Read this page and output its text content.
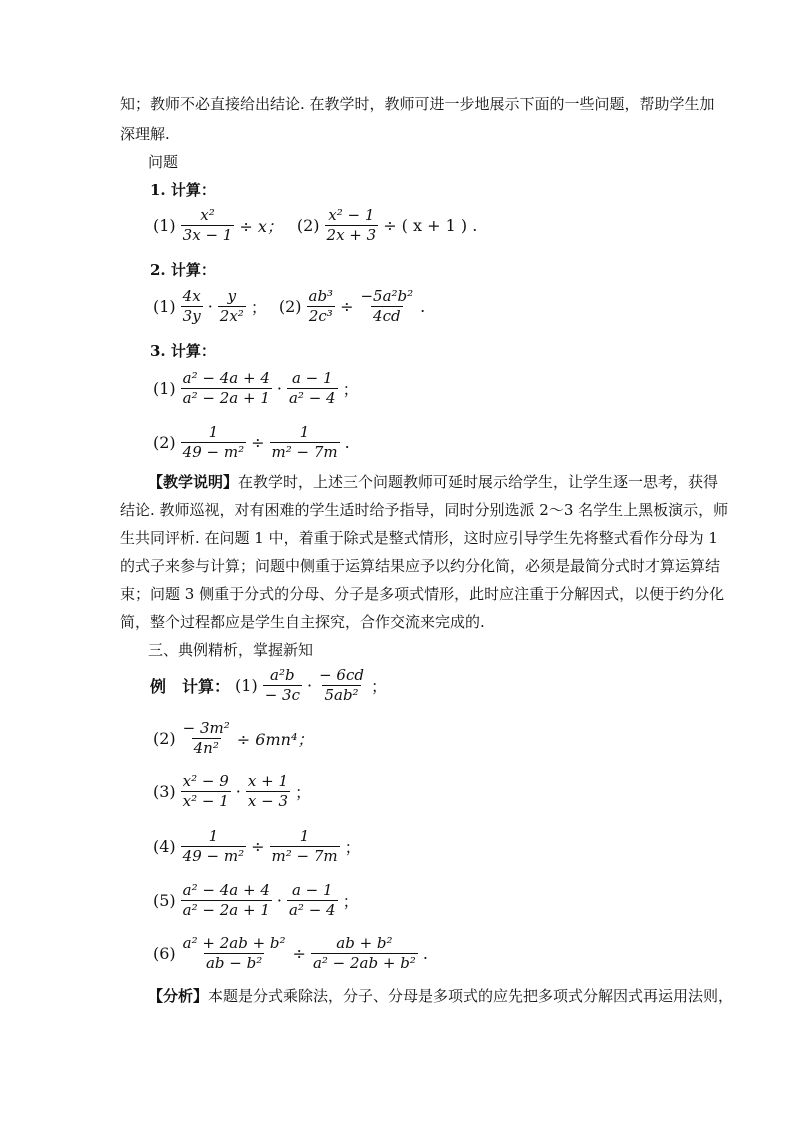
知；教师不必直接给出结论. 在教学时，教师可进一步地展示下面的一些问题，帮助学生加
深理解.
问题
1. 计算：
$(1) \frac{\text{x²}}{3x - 1} \div x$； $(2) \frac{\text{x² − 1}}{2x + 3}$ ÷ ( x + 1 ) .
2. 计算：
$(1) \frac{4x}{3y} \cdot \frac{y}{\text{2x²}}$ ； $(2) \frac{\text{ab³}}{\text{2c³}} \div \frac{\text{−5a²b²}}{4cd}$ .
3. 计算：
$(1) \frac{\text{a² − 4a + 4}}{\text{a² − 2a + 1}} \cdot \frac{a - 1}{\text{a² − 4}}$ ；
$(2) \frac{1}{\text{49 − m²}} \div \frac{1}{\text{m² − 7m}}$ .
【教学说明】在教学时，上述三个问题教师可延时展示给学生，让学生逐一思考，获得
结论. 教师巡视，对有困难的学生适时给予指导，同时分别选派 2～3 名学生上黑板演示，师
生共同评析. 在问题 1 中，着重于除式是整式情形，这时应引导学生先将整式看作分母为 1
的式子来参与计算；问题中侧重于运算结果应予以约分化简，必须是最简分式时才算运算结
束；问题 3 侧重于分式的分母、分子是多项式情形，此时应注重于分解因式，以便于约分化
简，整个过程都应是学生自主探究，合作交流来完成的.
三、典例精析，掌握新知
例　计算： $(1) \frac{\text{a²b}}{- 3c} \cdot \frac{- 6cd}{\text{5ab²}}$ ；
$(2) \frac{\text{− 3m²}}{\text{4n²}} \div 6mn^4$；
$(3) \frac{\text{x² − 9}}{\text{x² − 1}} \cdot \frac{x + 1}{x - 3}$ ；
$(4) \frac{1}{\text{49 − m²}} \div \frac{1}{\text{m² − 7m}}$ ；
$(5) \frac{\text{a² − 4a + 4}}{\text{a² − 2a + 1}} \cdot \frac{a - 1}{\text{a² − 4}}$ ；
$(6) \frac{\text{a² + 2ab + b²}}{\text{ab − b²}} \div \frac{\text{ab + b²}}{\text{a² − 2ab + b²}}$ .
【分析】本题是分式乘除法，分子、分母是多项式的应先把多项式分解因式再运用法则，
